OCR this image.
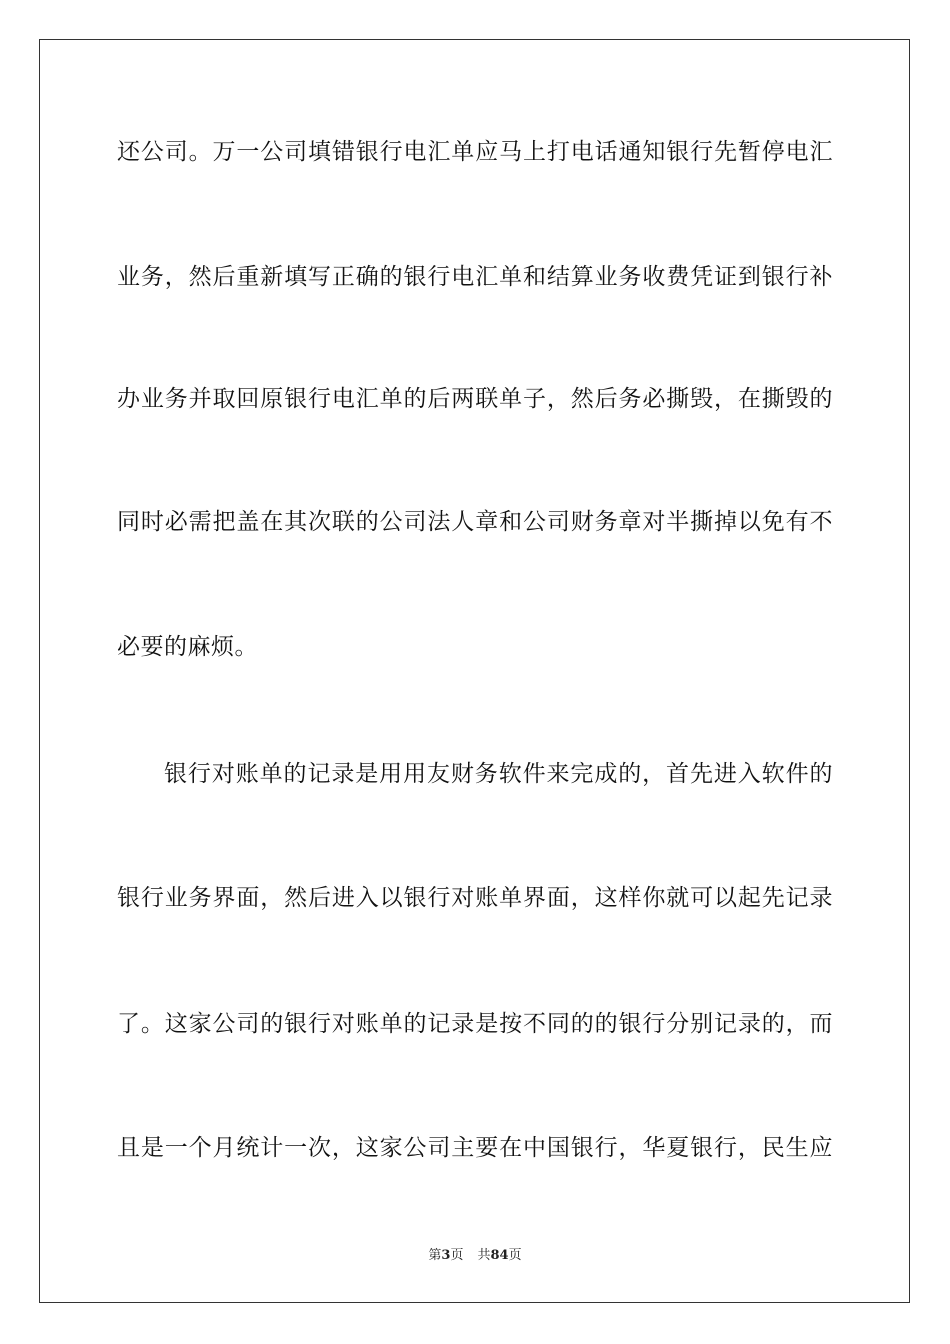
还公司。万一公司填错银行电汇单应马上打电话通知银行先暂停电汇
业务，然后重新填写正确的银行电汇单和结算业务收费凭证到银行补
办业务并取回原银行电汇单的后两联单子，然后务必撕毁，在撕毁的
同时必需把盖在其次联的公司法人章和公司财务章对半撕掉以免有不
必要的麻烦。
银行对账单的记录是用用友财务软件来完成的，首先进入软件的
银行业务界面，然后进入以银行对账单界面，这样你就可以起先记录
了。这家公司的银行对账单的记录是按不同的的银行分别记录的，而
且是一个月统计一次，这家公司主要在中国银行，华夏银行，民生应
第3页 共84页
